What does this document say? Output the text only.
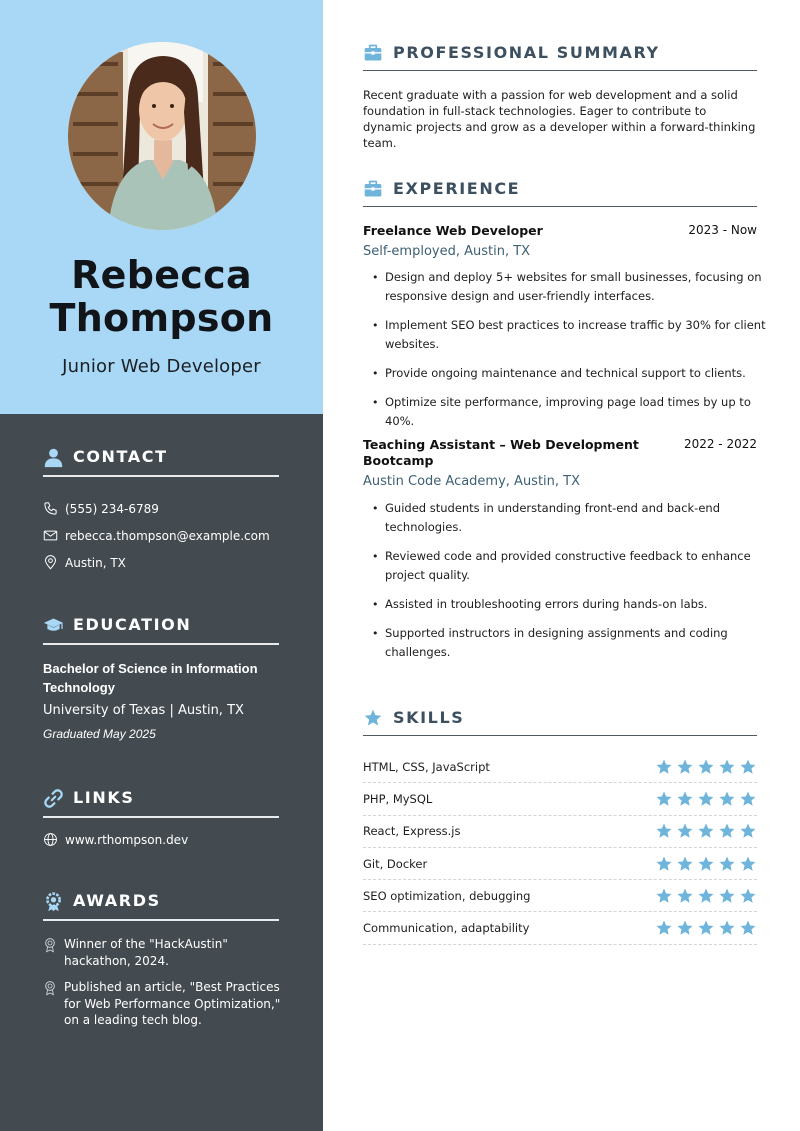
Rebecca
Thompson
Junior Web Developer
CONTACT
(555) 234-6789
rebecca.thompson@example.com
Austin, TX
EDUCATION
Bachelor of Science in Information Technology
University of Texas | Austin, TX
Graduated May 2025
LINKS
www.rthompson.dev
AWARDS
Winner of the "HackAustin" hackathon, 2024.
Published an article, "Best Practices for Web Performance Optimization," on a leading tech blog.
PROFESSIONAL SUMMARY
Recent graduate with a passion for web development and a solid foundation in full-stack technologies. Eager to contribute to dynamic projects and grow as a developer within a forward-thinking team.
EXPERIENCE
Freelance Web Developer	2023 - Now
Self-employed, Austin, TX
• Design and deploy 5+ websites for small businesses, focusing on responsive design and user-friendly interfaces.
• Implement SEO best practices to increase traffic by 30% for client websites.
• Provide ongoing maintenance and technical support to clients.
• Optimize site performance, improving page load times by up to 40%.
Teaching Assistant – Web Development Bootcamp
2022 - 2022
Austin Code Academy, Austin, TX
• Guided students in understanding front-end and back-end technologies.
• Reviewed code and provided constructive feedback to enhance project quality.
• Assisted in troubleshooting errors during hands-on labs.
• Supported instructors in designing assignments and coding challenges.
SKILLS
HTML, CSS, JavaScript
PHP, MySQL
React, Express.js
Git, Docker
SEO optimization, debugging
Communication, adaptability
